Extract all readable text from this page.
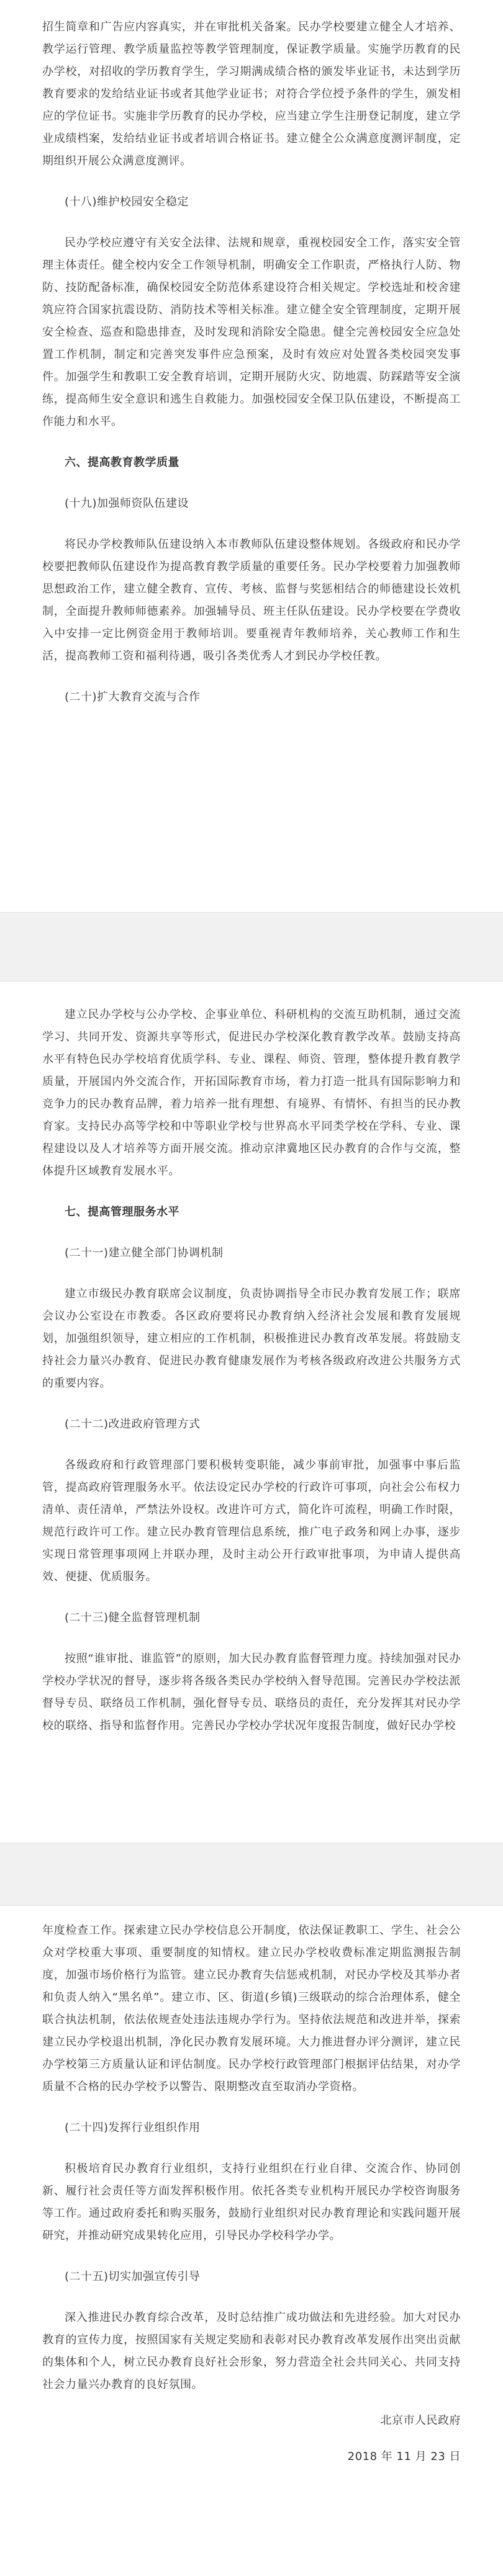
招生简章和广告应内容真实，并在审批机关备案。民办学校要建立健全人才培养、教学运行管理、教学质量监控等教学管理制度，保证教学质量。实施学历教育的民办学校，对招收的学历教育学生，学习期满成绩合格的颁发毕业证书，未达到学历教育要求的发给结业证书或者其他学业证书；对符合学位授予条件的学生，颁发相应的学位证书。实施非学历教育的民办学校，应当建立学生注册登记制度，建立学业成绩档案，发给结业证书或者培训合格证书。建立健全公众满意度测评制度，定期组织开展公众满意度测评。

(十八)维护校园安全稳定

民办学校应遵守有关安全法律、法规和规章，重视校园安全工作，落实安全管理主体责任。健全校内安全工作领导机制，明确安全工作职责，严格执行人防、物防、技防配备标准，确保校园安全防范体系建设符合相关规定。学校选址和校舍建筑应符合国家抗震设防、消防技术等相关标准。建立健全安全管理制度，定期开展安全检查、巡查和隐患排查，及时发现和消除安全隐患。健全完善校园安全应急处置工作机制，制定和完善突发事件应急预案，及时有效应对处置各类校园突发事件。加强学生和教职工安全教育培训，定期开展防火灾、防地震、防踩踏等安全演练，提高师生安全意识和逃生自救能力。加强校园安全保卫队伍建设，不断提高工作能力和水平。

六、提高教育教学质量

(十九)加强师资队伍建设

将民办学校教师队伍建设纳入本市教师队伍建设整体规划。各级政府和民办学校要把教师队伍建设作为提高教育教学质量的重要任务。民办学校要着力加强教师思想政治工作，建立健全教育、宣传、考核、监督与奖惩相结合的师德建设长效机制，全面提升教师师德素养。加强辅导员、班主任队伍建设。民办学校要在学费收入中安排一定比例资金用于教师培训。要重视青年教师培养，关心教师工作和生活，提高教师工资和福利待遇，吸引各类优秀人才到民办学校任教。

(二十)扩大教育交流与合作

建立民办学校与公办学校、企事业单位、科研机构的交流互助机制，通过交流学习、共同开发、资源共享等形式，促进民办学校深化教育教学改革。鼓励支持高水平有特色民办学校培育优质学科、专业、课程、师资、管理，整体提升教育教学质量，开展国内外交流合作，开拓国际教育市场，着力打造一批具有国际影响力和竞争力的民办教育品牌，着力培养一批有理想、有境界、有情怀、有担当的民办教育家。支持民办高等学校和中等职业学校与世界高水平同类学校在学科、专业、课程建设以及人才培养等方面开展交流。推动京津冀地区民办教育的合作与交流，整体提升区域教育发展水平。

七、提高管理服务水平

(二十一)建立健全部门协调机制

建立市级民办教育联席会议制度，负责协调指导全市民办教育发展工作；联席会议办公室设在市教委。各区政府要将民办教育纳入经济社会发展和教育发展规划，加强组织领导，建立相应的工作机制，积极推进民办教育改革发展。将鼓励支持社会力量兴办教育、促进民办教育健康发展作为考核各级政府改进公共服务方式的重要内容。

(二十二)改进政府管理方式

各级政府和行政管理部门要积极转变职能，减少事前审批，加强事中事后监管，提高政府管理服务水平。依法设定民办学校的行政许可事项，向社会公布权力清单、责任清单，严禁法外设权。改进许可方式，简化许可流程，明确工作时限，规范行政许可工作。建立民办教育管理信息系统，推广电子政务和网上办事，逐步实现日常管理事项网上并联办理，及时主动公开行政审批事项，为申请人提供高效、便捷、优质服务。

(二十三)健全监督管理机制

按照“谁审批、谁监管”的原则，加大民办教育监督管理力度。持续加强对民办学校办学状况的督导，逐步将各级各类民办学校纳入督导范围。完善民办学校法派督导专员、联络员工作机制，强化督导专员、联络员的责任，充分发挥其对民办学校的联络、指导和监督作用。完善民办学校办学状况年度报告制度，做好民办学校

年度检查工作。探索建立民办学校信息公开制度，依法保证教职工、学生、社会公众对学校重大事项、重要制度的知情权。建立民办学校收费标准定期监测报告制度，加强市场价格行为监管。建立民办教育失信惩戒机制，对民办学校及其举办者和负责人纳入“黑名单”。建立市、区、街道(乡镇)三级联动的综合治理体系，健全联合执法机制，依法依规查处违法违规办学行为。坚持依法规范和改进并举，探索建立民办学校退出机制，净化民办教育发展环境。大力推进督办评分测评，建立民办学校第三方质量认证和评估制度。民办学校行政管理部门根据评估结果，对办学质量不合格的民办学校予以警告、限期整改直至取消办学资格。

(二十四)发挥行业组织作用

积极培育民办教育行业组织，支持行业组织在行业自律、交流合作、协同创新、履行社会责任等方面发挥积极作用。依托各类专业机构开展民办学校咨询服务等工作。通过政府委托和购买服务，鼓励行业组织对民办教育理论和实践问题开展研究，并推动研究成果转化应用，引导民办学校科学办学。

(二十五)切实加强宣传引导

深入推进民办教育综合改革，及时总结推广成功做法和先进经验。加大对民办教育的宣传力度，按照国家有关规定奖励和表彰对民办教育改革发展作出突出贡献的集体和个人，树立民办教育良好社会形象，努力营造全社会共同关心、共同支持社会力量兴办教育的良好氛围。

北京市人民政府

2018 年 11 月 23 日
